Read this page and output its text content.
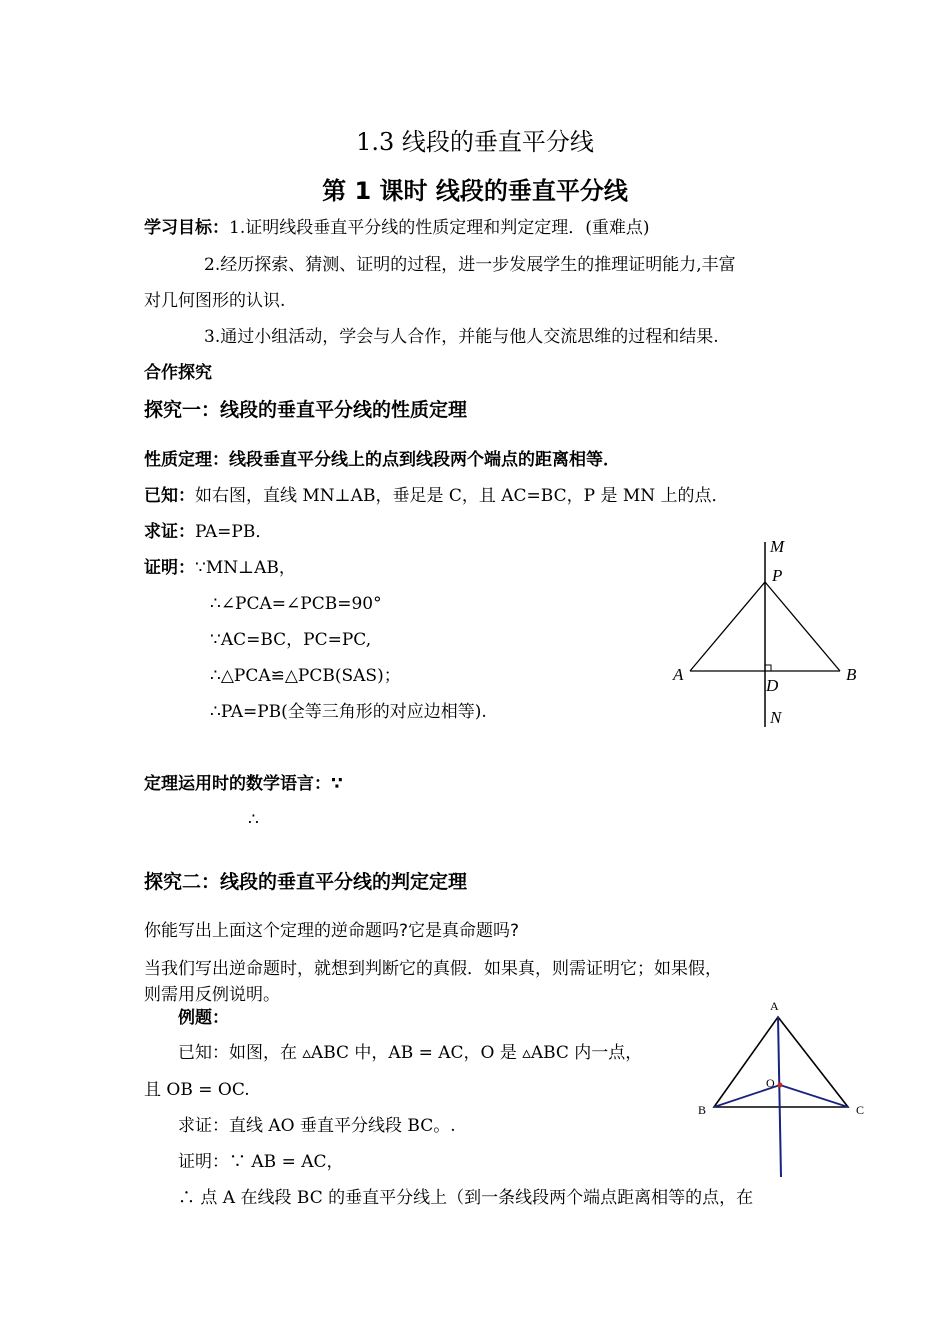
1.3 线段的垂直平分线
第 1 课时 线段的垂直平分线
学习目标：1.证明线段垂直平分线的性质定理和判定定理．(重难点)
2.经历探索、猜测、证明的过程，进一步发展学生的推理证明能力,丰富
对几何图形的认识.
3.通过小组活动，学会与人合作，并能与他人交流思维的过程和结果.
合作探究
探究一：线段的垂直平分线的性质定理
性质定理：线段垂直平分线上的点到线段两个端点的距离相等．
已知：如右图，直线 MN⊥AB，垂足是 C，且 AC=BC，P 是 MN 上的点．
求证：PA=PB．
证明：∵MN⊥AB，
∴∠PCA=∠PCB=90°
∵AC=BC，PC=PC,
∴△PCA≌△PCB(SAS)；
∴PA=PB(全等三角形的对应边相等).
M
P
A	B
D
N
定理运用时的数学语言：∵
∴
探究二：线段的垂直平分线的判定定理
你能写出上面这个定理的逆命题吗?它是真命题吗?
当我们写出逆命题时，就想到判断它的真假．如果真，则需证明它；如果假，
则需用反例说明。
例题：
已知：如图，在 ▵ABC 中，AB = AC，O 是 ▵ABC 内一点，
且 OB = OC.
求证：直线 AO 垂直平分线段 BC。.
证明：∵ AB = AC，
∴ 点 A 在线段 BC 的垂直平分线上（到一条线段两个端点距离相等的点，在
A
B	C
O
